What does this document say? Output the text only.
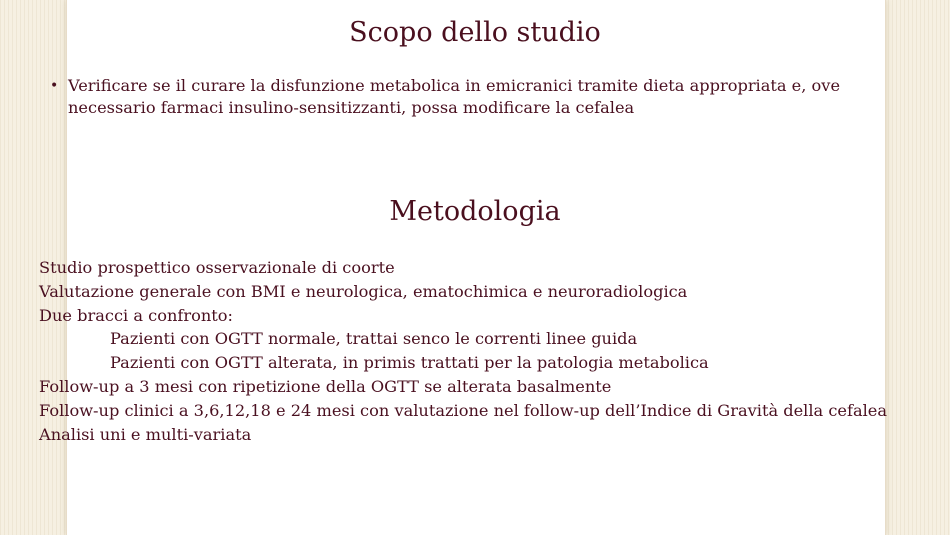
Scopo dello studio
• Verificare se il curare la disfunzione metabolica in emicranici tramite dieta appropriata e, ove necessario farmaci insulino-sensitizzanti, possa modificare la cefalea
Metodologia
Studio prospettico osservazionale di coorte
Valutazione generale con BMI e neurologica, ematochimica e neuroradiologica
Due bracci a confronto:
Pazienti con OGTT normale, trattai senco le correnti linee guida
Pazienti con OGTT alterata, in primis trattati per la patologia metabolica
Follow-up a 3 mesi con ripetizione della OGTT se alterata basalmente
Follow-up clinici a 3,6,12,18 e 24 mesi con valutazione nel follow-up dell’Indice di Gravità della cefalea
Analisi uni e multi-variata
